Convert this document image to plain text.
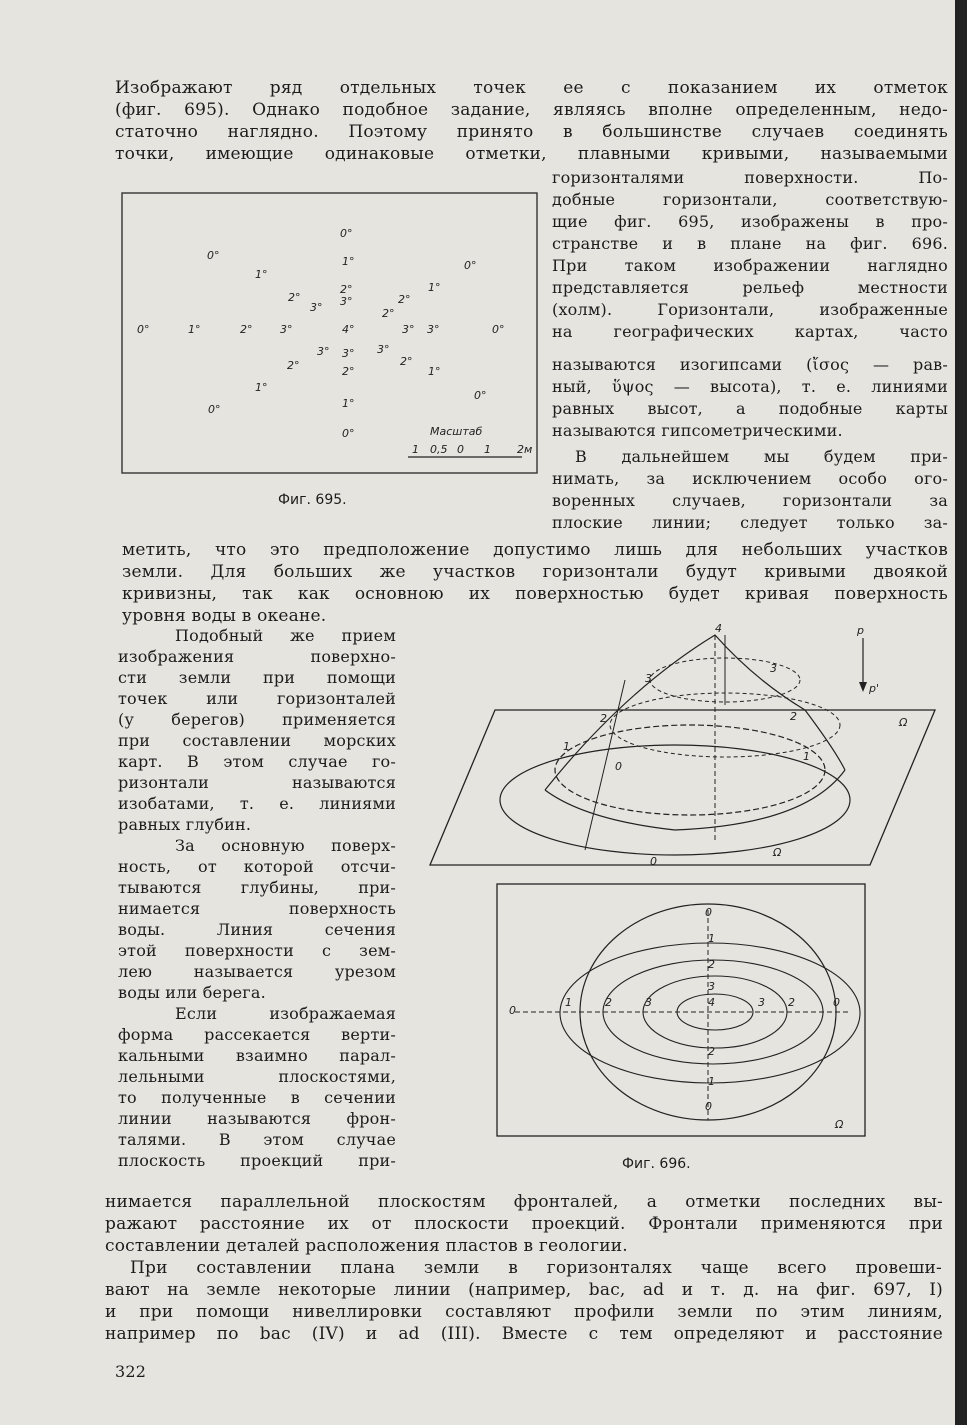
Изображают ряд отдельных точек ее с показанием их отметок
(фиг. 695). Однако подобное задание, являясь вполне определенным, недо-
статочно наглядно. Поэтому принято в большинстве случаев соединять
точки, имеющие одинаковые отметки, плавными кривыми, называемыми
горизонталями поверхности. По-
добные горизонтали, соответствую-
щие фиг. 695, изображены в про-
странстве и в плане на фиг. 696.
При таком изображении наглядно
представляется рельеф местности
(холм). Горизонтали, изображенные
на географических картах, часто
называются изогипсами (ἴσος — рав-
ный, ὕψος — высота), т. е. линиями
равных высот, а подобные карты
называются гипсометрическими.
В дальнейшем мы будем при-
нимать, за исключением особо ого-
воренных случаев, горизонтали за
плоские линии; следует только за-
0°
0°	1°	0°
1°
2°	1°
2°
3° 3°	2°
2°
0°	1°	2°	3°	4°	3° 3°	0°
3° 3° 3°
2°	2°
1°
2°
1°
0°	1°
0°
0°	Масштаб
1 0,5 0 1 2м
Фиг. 695.
метить, что это предположение допустимо лишь для небольших участков
земли. Для больших же участков горизонтали будут кривыми двоякой
кривизны, так как основною их поверхностью будет кривая поверхность
уровня воды в океане.
Подобный же прием
изображения поверхно-
сти земли при помощи
точек или горизонталей
(у берегов) применяется
при составлении морских
карт. В этом случае го-
ризонтали называются
изобатами, т. е. линиями
равных глубин.
За основную поверх-
ность, от которой отсчи-
тываются глубины, при-
нимается поверхность
воды. Линия сечения
этой поверхности с зем-
лею называется урезом
воды или берега.
Если изображаемая
форма рассекается верти-
кальными взаимно парал-
лельными плоскостями,
то полученные в сечении
линии называются фрон-
талями. В этом случае
плоскость проекций при-
p
p'
Ω
Ω
4
3
3
2	2
1
1
0
0
Ω
0
1
2
3
4
0
1	2	3	3 2	0
2
1
0
Фиг. 696.
нимается параллельной плоскостям фронталей, а отметки последних вы-
ражают расстояние их от плоскости проекций. Фронтали применяются при
составлении деталей расположения пластов в геологии.
При составлении плана земли в горизонталях чаще всего провеши-
вают на земле некоторые линии (например, bac, ad и т. д. на фиг. 697, I)
и при помощи нивеллировки составляют профили земли по этим линиям,
например по bac (IV) и ad (III). Вместе с тем определяют и расстояние
322
